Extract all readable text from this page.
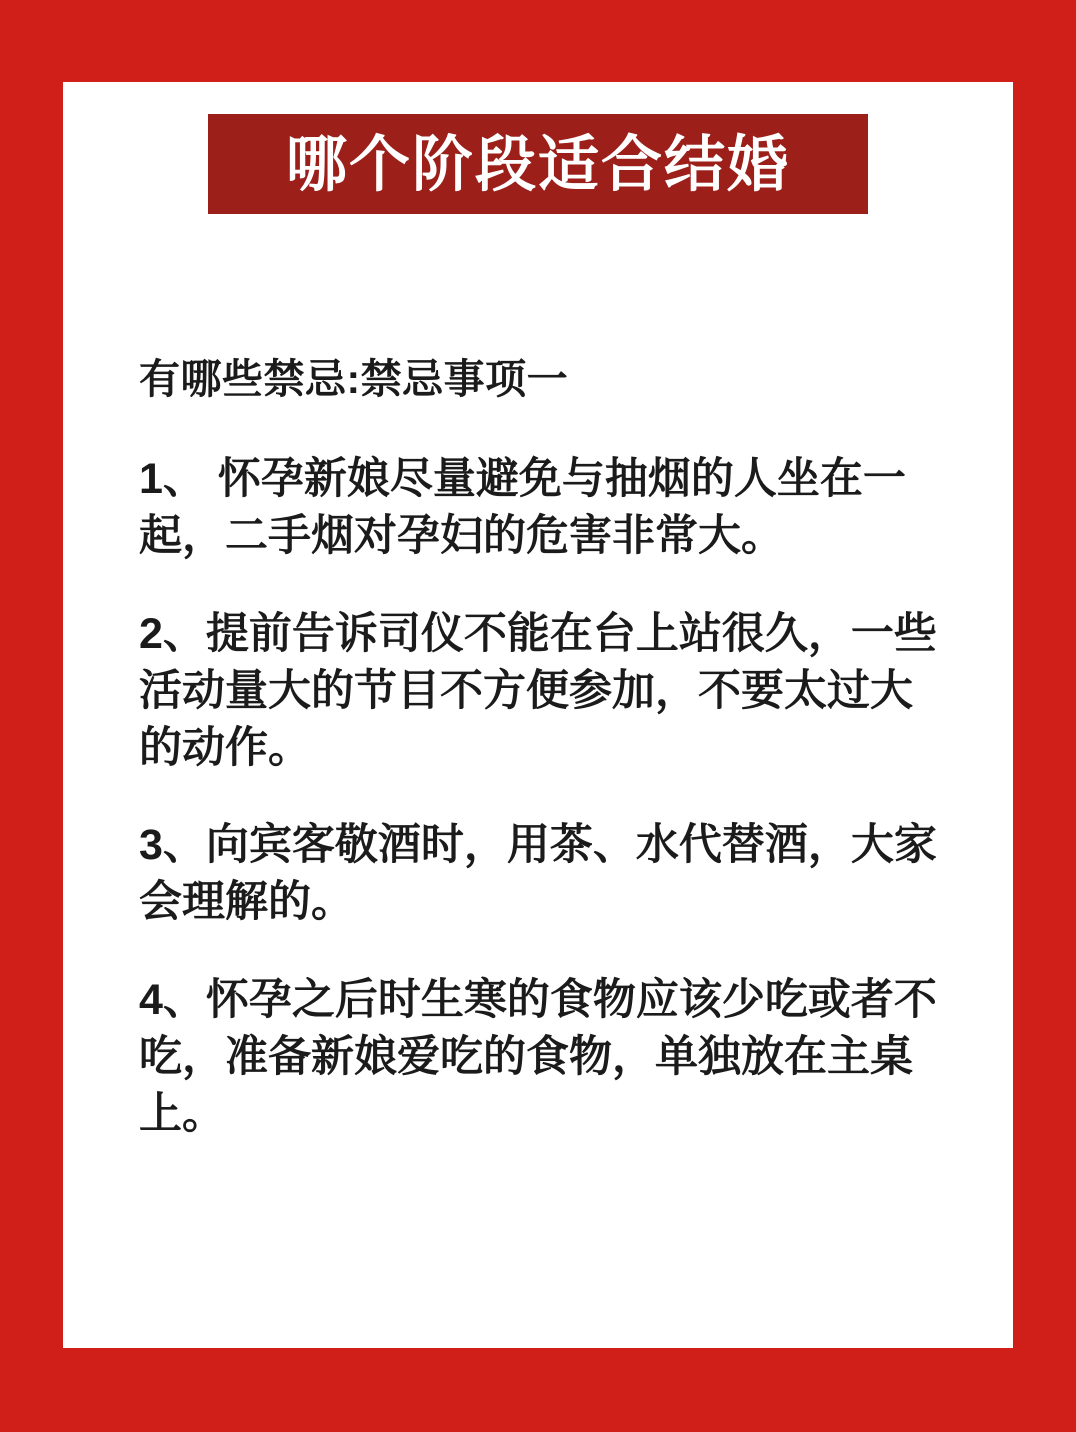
哪个阶段适合结婚

有哪些禁忌:禁忌事项一

1、 怀孕新娘尽量避免与抽烟的人坐在一起，二手烟对孕妇的危害非常大。

2、提前告诉司仪不能在台上站很久，一些活动量大的节目不方便参加，不要太过大的动作。

3、向宾客敬酒时，用茶、水代替酒，大家会理解的。

4、怀孕之后时生寒的食物应该少吃或者不吃，准备新娘爱吃的食物，单独放在主桌上。
